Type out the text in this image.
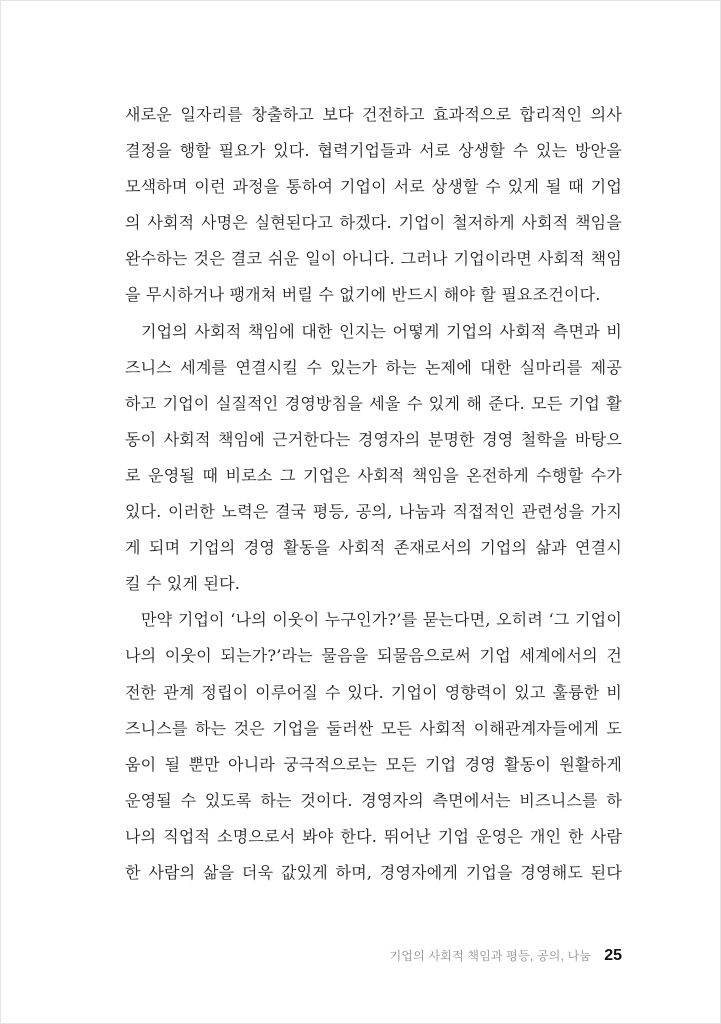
새로운 일자리를 창출하고 보다 건전하고 효과적으로 합리적인 의사
결정을 행할 필요가 있다. 협력기업들과 서로 상생할 수 있는 방안을
모색하며 이런 과정을 통하여 기업이 서로 상생할 수 있게 될 때 기업
의 사회적 사명은 실현된다고 하겠다. 기업이 철저하게 사회적 책임을
완수하는 것은 결코 쉬운 일이 아니다. 그러나 기업이라면 사회적 책임
을 무시하거나 팽개쳐 버릴 수 없기에 반드시 해야 할 필요조건이다.
기업의 사회적 책임에 대한 인지는 어떻게 기업의 사회적 측면과 비
즈니스 세계를 연결시킬 수 있는가 하는 논제에 대한 실마리를 제공
하고 기업이 실질적인 경영방침을 세울 수 있게 해 준다. 모든 기업 활
동이 사회적 책임에 근거한다는 경영자의 분명한 경영 철학을 바탕으
로 운영될 때 비로소 그 기업은 사회적 책임을 온전하게 수행할 수가
있다. 이러한 노력은 결국 평등, 공의, 나눔과 직접적인 관련성을 가지
게 되며 기업의 경영 활동을 사회적 존재로서의 기업의 삶과 연결시
킬 수 있게 된다.
만약 기업이 ‘나의 이웃이 누구인가?’를 묻는다면, 오히려 ‘그 기업이
나의 이웃이 되는가?’라는 물음을 되물음으로써 기업 세계에서의 건
전한 관계 정립이 이루어질 수 있다. 기업이 영향력이 있고 훌륭한 비
즈니스를 하는 것은 기업을 둘러싼 모든 사회적 이해관계자들에게 도
움이 될 뿐만 아니라 궁극적으로는 모든 기업 경영 활동이 원활하게
운영될 수 있도록 하는 것이다. 경영자의 측면에서는 비즈니스를 하
나의 직업적 소명으로서 봐야 한다. 뛰어난 기업 운영은 개인 한 사람
한 사람의 삶을 더욱 값있게 하며, 경영자에게 기업을 경영해도 된다
기업의 사회적 책임과 평등, 공의, 나눔 25
